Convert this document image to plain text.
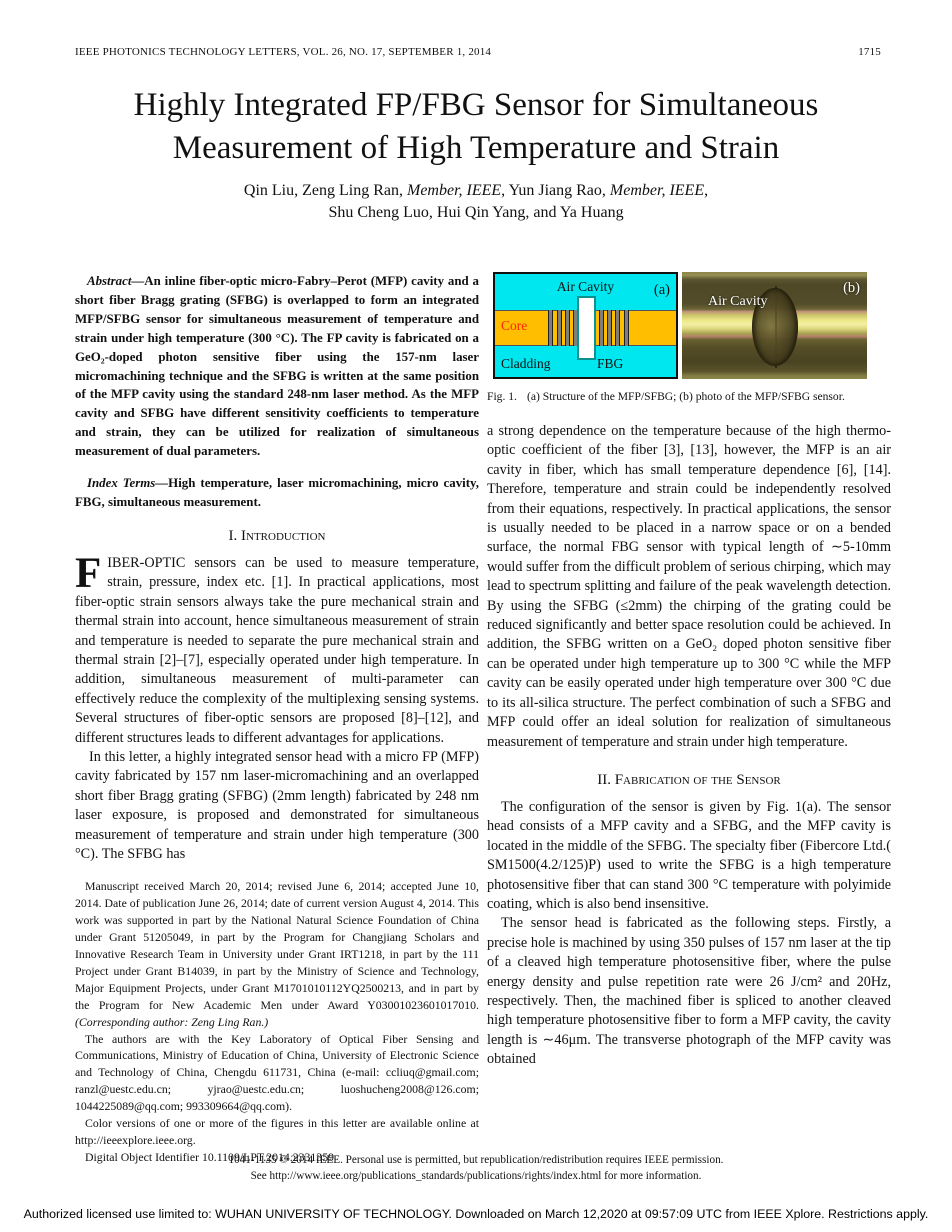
IEEE PHOTONICS TECHNOLOGY LETTERS, VOL. 26, NO. 17, SEPTEMBER 1, 2014	1715
Highly Integrated FP/FBG Sensor for Simultaneous
Measurement of High Temperature and Strain
Qin Liu, Zeng Ling Ran, Member, IEEE, Yun Jiang Rao, Member, IEEE,
Shu Cheng Luo, Hui Qin Yang, and Ya Huang

Abstract—An inline fiber-optic micro-Fabry–Perot (MFP) cavity and a short fiber Bragg grating (SFBG) is overlapped to form an integrated MFP/SFBG sensor for simultaneous measurement of temperature and strain under high temperature (300 °C). The FP cavity is fabricated on a GeO₂-doped photon sensitive fiber using the 157-nm laser micromachining technique and the SFBG is written at the same position of the MFP cavity using the standard 248-nm laser method. As the MFP cavity and SFBG have different sensitivity coefficients to temperature and strain, they can be utilized for realization of simultaneous measurement of dual parameters.

Index Terms—High temperature, laser micromachining, micro cavity, FBG, simultaneous measurement.

I. Introduction

FIBER-OPTIC sensors can be used to measure temperature, strain, pressure, index etc. [1]. In practical applications, most fiber-optic strain sensors always take the pure mechanical strain and thermal strain into account, hence simultaneous measurement of strain and temperature is needed to separate the pure mechanical strain and thermal strain [2]–[7], especially operated under high temperature. In addition, simultaneous measurement of multi-parameter can effectively reduce the complexity of the multiplexing sensing systems. Several structures of fiber-optic sensors are proposed [8]–[12], and different structures leads to different advantages for applications.

In this letter, a highly integrated sensor head with a micro FP (MFP) cavity fabricated by 157 nm laser-micromachining and an overlapped short fiber Bragg grating (SFBG) (2mm length) fabricated by 248 nm laser exposure, is proposed and demonstrated for simultaneous measurement of temperature and strain under high temperature (300 °C). The SFBG has

Manuscript received March 20, 2014; revised June 6, 2014; accepted June 10, 2014. Date of publication June 26, 2014; date of current version August 4, 2014. This work was supported in part by the National Natural Science Foundation of China under Grant 51205049, in part by the Program for Changjiang Scholars and Innovative Research Team in University under Grant IRT1218, in part by the 111 Project under Grant B14039, in part by the Ministry of Science and Technology, Major Equipment Projects, under Grant M1701010112YQ2500213, and in part by the Program for New Academic Men under Award Y03001023601017010. (Corresponding author: Zeng Ling Ran.)

The authors are with the Key Laboratory of Optical Fiber Sensing and Communications, Ministry of Education of China, University of Electronic Science and Technology of China, Chengdu 611731, China (e-mail: ccliuq@gmail.com; ranzl@uestc.edu.cn; yjrao@uestc.edu.cn; luoshucheng2008@126.com; 1044225089@qq.com; 993309664@qq.com).

Color versions of one or more of the figures in this letter are available online at http://ieeexplore.ieee.org.

Digital Object Identifier 10.1109/LPT.2014.2331359

Air Cavity	(a)
Core
Cladding	FBG
Air Cavity
(b)

Fig. 1. (a) Structure of the MFP/SFBG; (b) photo of the MFP/SFBG sensor.

a strong dependence on the temperature because of the high thermo-optic coefficient of the fiber [3], [13], however, the MFP is an air cavity in fiber, which has small temperature dependence [6], [14]. Therefore, temperature and strain could be independently resolved from their equations, respectively. In practical applications, the sensor is usually needed to be placed in a narrow space or on a bended surface, the normal FBG sensor with typical length of ∼5-10mm would suffer from the difficult problem of serious chirping, which may lead to spectrum splitting and failure of the peak wavelength detection. By using the SFBG (≤2mm) the chirping of the grating could be reduced significantly and better space resolution could be achieved. In addition, the SFBG written on a GeO₂ doped photon sensitive fiber can be operated under high temperature up to 300 °C while the MFP cavity can be easily operated under high temperature over 300 °C due to its all-silica structure. The perfect combination of such a SFBG and MFP could offer an ideal solution for realization of simultaneous measurement of temperature and strain under high temperature.

II. Fabrication of the Sensor

The configuration of the sensor is given by Fig. 1(a). The sensor head consists of a MFP cavity and a SFBG, and the MFP cavity is located in the middle of the SFBG. The specialty fiber (Fibercore Ltd.( SM1500(4.2/125)P) used to write the SFBG is a high temperature photosensitive fiber that can stand 300 °C temperature with polyimide coating, which is also bend insensitive.

The sensor head is fabricated as the following steps. Firstly, a precise hole is machined by using 350 pulses of 157 nm laser at the tip of a cleaved high temperature photosensitive fiber, where the pulse energy density and pulse repetition rate were 26 J/cm² and 20Hz, respectively. Then, the machined fiber is spliced to another cleaved high temperature photosensitive fiber to form a MFP cavity, the cavity length is ∼46μm. The transverse photograph of the MFP cavity was obtained

1041-1135 © 2014 IEEE. Personal use is permitted, but republication/redistribution requires IEEE permission.
See http://www.ieee.org/publications_standards/publications/rights/index.html for more information.
Authorized licensed use limited to: WUHAN UNIVERSITY OF TECHNOLOGY. Downloaded on March 12,2020 at 09:57:09 UTC from IEEE Xplore. Restrictions apply.
